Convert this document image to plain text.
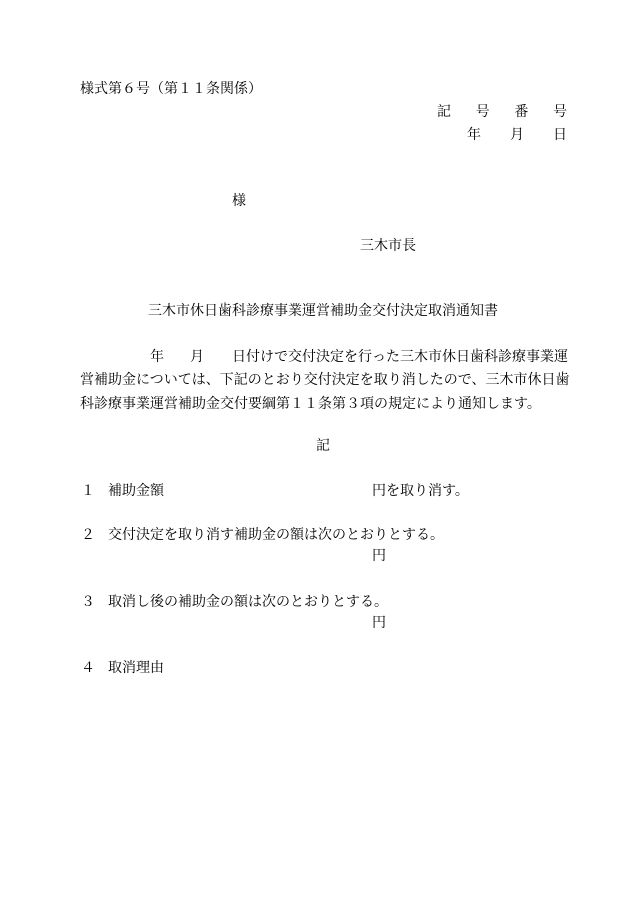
様式第６号（第１１条関係）
記 号 番 号
年 月 日
様
三木市長
三木市休日歯科診療事業運営補助金交付決定取消通知書
年 月 日付けで交付決定を行った三木市休日歯科診療事業運
営補助金については、下記のとおり交付決定を取り消したので、三木市休日歯
科診療事業運営補助金交付要綱第１１条第３項の規定により通知します。
記
１ 補助金額	円を取り消す。
２ 交付決定を取り消す補助金の額は次のとおりとする。
円
３ 取消し後の補助金の額は次のとおりとする。
円
４ 取消理由
